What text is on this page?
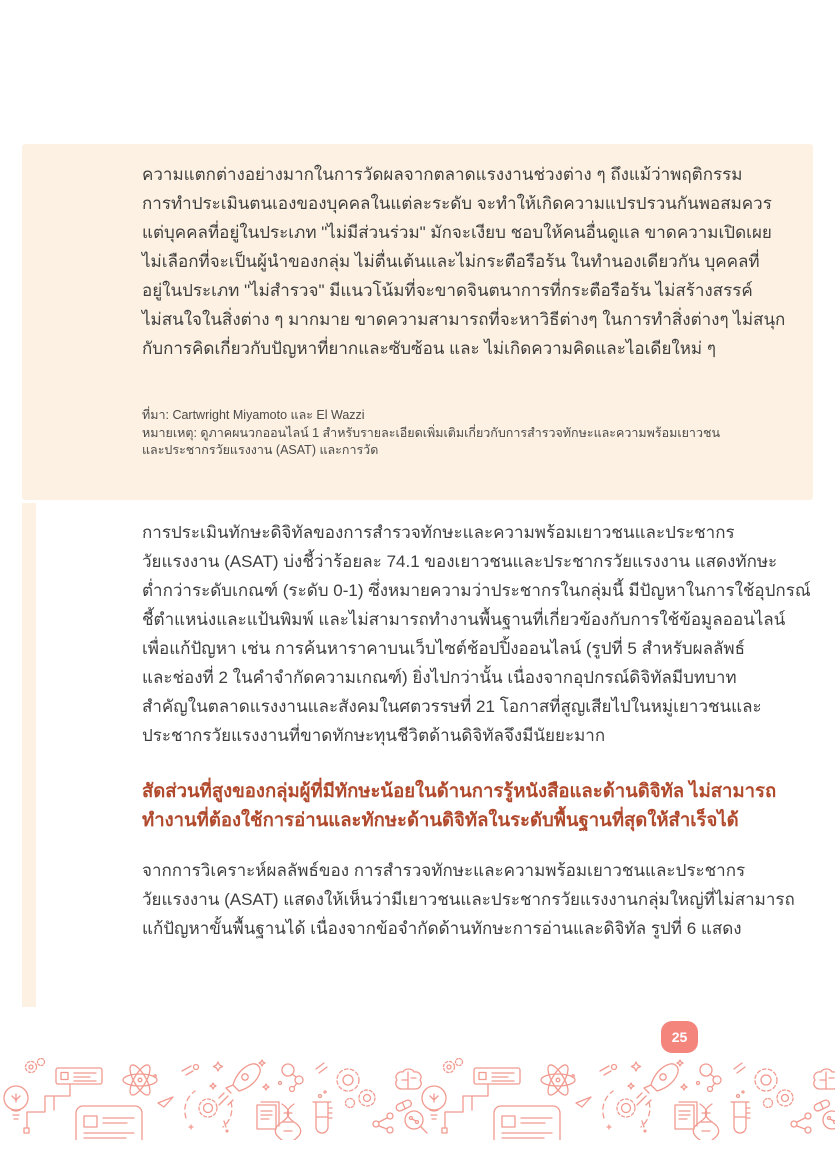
ความแตกต่างอย่างมากในการวัดผลจากตลาดแรงงานช่วงต่าง ๆ ถึงแม้ว่าพฤติกรรม
การทำประเมินตนเองของบุคคลในแต่ละระดับ จะทำให้เกิดความแปรปรวนกันพอสมควร
แต่บุคคลที่อยู่ในประเภท "ไม่มีส่วนร่วม" มักจะเงียบ ชอบให้คนอื่นดูแล ขาดความเปิดเผย
ไม่เลือกที่จะเป็นผู้นำของกลุ่ม ไม่ตื่นเต้นและไม่กระตือรือร้น ในทำนองเดียวกัน บุคคลที่
อยู่ในประเภท "ไม่สำรวจ" มีแนวโน้มที่จะขาดจินตนาการที่กระตือรือร้น ไม่สร้างสรรค์
ไม่สนใจในสิ่งต่าง ๆ มากมาย ขาดความสามารถที่จะหาวิธีต่างๆ ในการทำสิ่งต่างๆ ไม่สนุก
กับการคิดเกี่ยวกับปัญหาที่ยากและซับซ้อน และ ไม่เกิดความคิดและไอเดียใหม่ ๆ
ที่มา: Cartwright Miyamoto และ El Wazzi
หมายเหตุ: ดูภาคผนวกออนไลน์ 1 สำหรับรายละเอียดเพิ่มเติมเกี่ยวกับการสำรวจทักษะและความพร้อมเยาวชน
และประชากรวัยแรงงาน (ASAT) และการวัด
การประเมินทักษะดิจิทัลของการสำรวจทักษะและความพร้อมเยาวชนและประชากร
วัยแรงงาน (ASAT) บ่งชี้ว่าร้อยละ 74.1 ของเยาวชนและประชากรวัยแรงงาน แสดงทักษะ
ต่ำกว่าระดับเกณฑ์ (ระดับ 0-1) ซึ่งหมายความว่าประชากรในกลุ่มนี้ มีปัญหาในการใช้อุปกรณ์
ชี้ตำแหน่งและแป้นพิมพ์ และไม่สามารถทำงานพื้นฐานที่เกี่ยวข้องกับการใช้ข้อมูลออนไลน์
เพื่อแก้ปัญหา เช่น การค้นหาราคาบนเว็บไซต์ช้อปปิ้งออนไลน์ (รูปที่ 5 สำหรับผลลัพธ์
และช่องที่ 2 ในคำจำกัดความเกณฑ์) ยิ่งไปกว่านั้น เนื่องจากอุปกรณ์ดิจิทัลมีบทบาท
สำคัญในตลาดแรงงานและสังคมในศตวรรษที่ 21 โอกาสที่สูญเสียไปในหมู่เยาวชนและ
ประชากรวัยแรงงานที่ขาดทักษะทุนชีวิตด้านดิจิทัลจึงมีนัยยะมาก
สัดส่วนที่สูงของกลุ่มผู้ที่มีทักษะน้อยในด้านการรู้หนังสือและด้านดิจิทัล ไม่สามารถ
ทำงานที่ต้องใช้การอ่านและทักษะด้านดิจิทัลในระดับพื้นฐานที่สุดให้สำเร็จได้
จากการวิเคราะห์ผลลัพธ์ของ การสำรวจทักษะและความพร้อมเยาวชนและประชากร
วัยแรงงาน (ASAT) แสดงให้เห็นว่ามีเยาวชนและประชากรวัยแรงงานกลุ่มใหญ่ที่ไม่สามารถ
แก้ปัญหาขั้นพื้นฐานได้ เนื่องจากข้อจำกัดด้านทักษะการอ่านและดิจิทัล รูปที่ 6 แสดง
25
